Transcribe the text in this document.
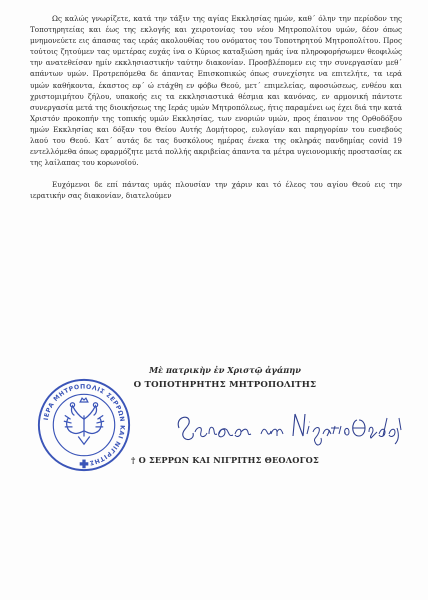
Ως καλώς γνωρίζετε, κατά την τάξιν της αγίας Εκκλησίας ημών, καθ΄ όλην την περίοδον της Τοποτηρητείας και έως της εκλογής και χειροτονίας του νέου Μητροπολίτου υμών, δέον όπως μνημονεύετε εις άπασας τας ιεράς ακολουθίας του ονόματος του Τοποτηρητού Μητροπολίτου. Προς τούτοις ζητούμεν τας υμετέρας ευχάς ίνα ο Κύριος καταξιώση ημάς ίνα πληροφορήσωμεν θεοφιλώς την ανατεθείσαν ημίν εκκλησιαστικήν ταύτην διακονίαν. Προσβλέπομεν εις την συνεργασίαν μεθ΄ απάντων υμών. Προτρεπόμεθα δε άπαντας Επισκοπικώς όπως συνεχίσητε να επιτελήτε, τα ιερά υμών καθήκοντα, έκαστος εφ΄ ώ ετάχθη εν φόβω Θεού, μετ΄ επιμελείας, αφοσιώσεως, ενθέου και χριστομιμήτου ζήλου, υπακοής εις τα εκκλησιαστικά θέσμια και κανόνας, εν αρμονική πάντοτε συνεργασία μετά της διοικήσεως της Ιεράς υμών Μητροπόλεως, ήτις παραμένει ως έχει διά την κατά Χριστόν προκοπήν της τοπικής υμών Εκκλησίας, των ενοριών υμών, προς έπαινον της Ορθοδόξου ημών Εκκλησίας και δόξαν του Θείου Αυτής Δομήτορος, ευλογίαν και παρηγορίαν του ευσεβούς λαού του Θεού. Κατ΄ αυτάς δε τας δυσκόλους ημέρας ένεκα της οκληράς πανδημίας covid 19 εντελλόμεθα όπως εφαρμόζητε μετά πολλής ακριβείας άπαντα τα μέτρα υγειονομικής προστασίας εκ της λαίλαπας του κορωνοϊού.

Ευχόμενοι δε επί πάντας υμάς πλουσίαν την χάριν και τό έλεος του αγίου Θεού εις την ιερατικήν σας διακονίαν, διατελούμεν

Μὲ πατρικὴν ἐν Χριστῷ ἀγάπην
Ο ΤΟΠΟΤΗΡΗΤΗΣ ΜΗΤΡΟΠΟΛΙΤΗΣ
† Ο ΣΕΡΡΩΝ ΚΑΙ ΝΙΓΡΙΤΗΣ ΘΕΟΛΟΓΟΣ
ΙΕΡΑ ΜΗΤΡΟΠΟΛΙΣ ΣΕΡΡΩΝ ΚΑΙ ΝΙΓΡΙΤΗΣ
